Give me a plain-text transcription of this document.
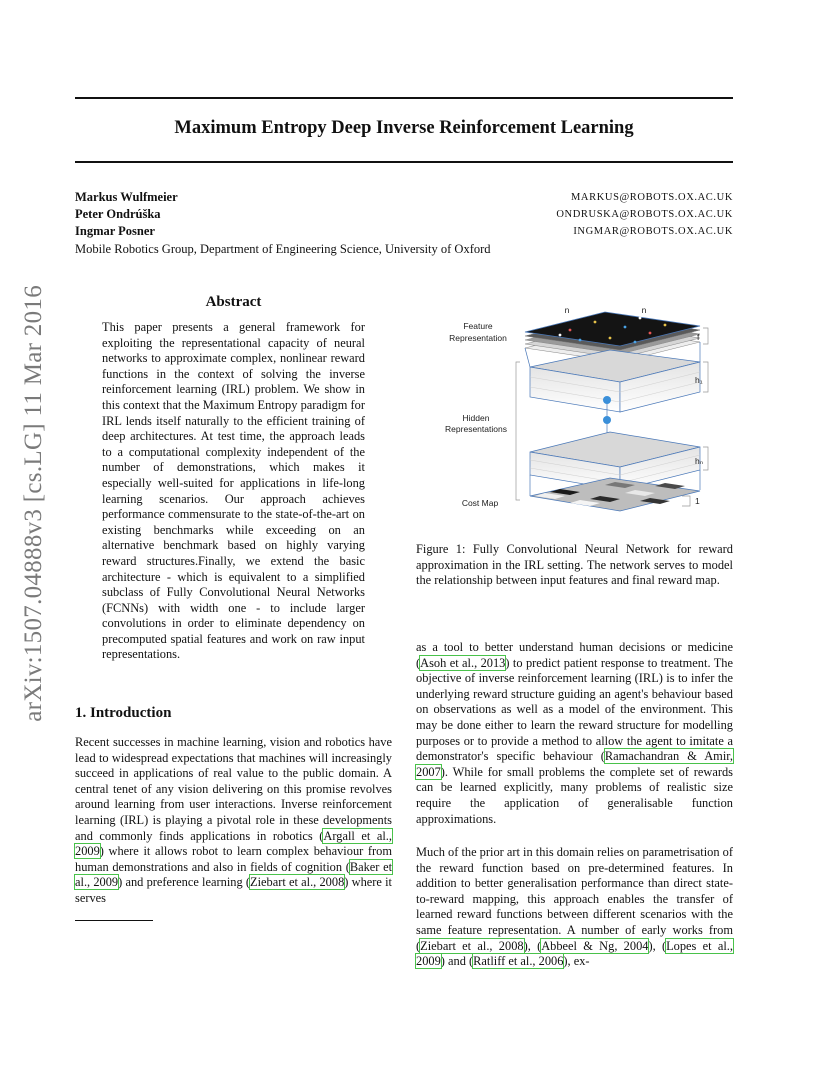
arXiv:1507.04888v3 [cs.LG] 11 Mar 2016
Maximum Entropy Deep Inverse Reinforcement Learning
Markus Wulfmeier	MARKUS@ROBOTS.OX.AC.UK
Peter Ondrúška	ONDRUSKA@ROBOTS.OX.AC.UK
Ingmar Posner	INGMAR@ROBOTS.OX.AC.UK
Mobile Robotics Group, Department of Engineering Science, University of Oxford
Abstract
This paper presents a general framework for exploiting the representational capacity of neural networks to approximate complex, nonlinear reward functions in the context of solving the inverse reinforcement learning (IRL) problem. We show in this context that the Maximum Entropy paradigm for IRL lends itself naturally to the efficient training of deep architectures. At test time, the approach leads to a computational complexity independent of the number of demonstrations, which makes it especially well-suited for applications in life-long learning scenarios. Our approach achieves performance commensurate to the state-of-the-art on existing benchmarks while exceeding on an alternative benchmark based on highly varying reward structures.Finally, we extend the basic architecture - which is equivalent to a simplified subclass of Fully Convolutional Neural Networks (FCNNs) with width one - to include larger convolutions in order to eliminate dependency on precomputed spatial features and work on raw input representations.
Feature
Representation
Hidden
Representations
Cost Map
n	n
f
h₁
hₙ
1
Figure 1: Fully Convolutional Neural Network for reward approximation in the IRL setting. The network serves to model the relationship between input features and final reward map.
1. Introduction
Recent successes in machine learning, vision and robotics have lead to widespread expectations that machines will increasingly succeed in applications of real value to the public domain. A central tenet of any vision delivering on this promise revolves around learning from user interactions. Inverse reinforcement learning (IRL) is playing a pivotal role in these developments and commonly finds applications in robotics (Argall et al., 2009) where it allows robot to learn complex behaviour from human demonstrations and also in fields of cognition (Baker et al., 2009) and preference learning (Ziebart et al., 2008) where it serves
as a tool to better understand human decisions or medicine (Asoh et al., 2013) to predict patient response to treatment. The objective of inverse reinforcement learning (IRL) is to infer the underlying reward structure guiding an agent's behaviour based on observations as well as a model of the environment. This may be done either to learn the reward structure for modelling purposes or to provide a method to allow the agent to imitate a demonstrator's specific behaviour (Ramachandran & Amir, 2007). While for small problems the complete set of rewards can be learned explicitly, many problems of realistic size require the application of generalisable function approximations.
Much of the prior art in this domain relies on parametrisation of the reward function based on pre-determined features. In addition to better generalisation performance than direct state-to-reward mapping, this approach enables the transfer of learned reward functions between different scenarios with the same feature representation. A number of early works from (Ziebart et al., 2008), (Abbeel & Ng, 2004), (Lopes et al., 2009) and (Ratliff et al., 2006), ex-
